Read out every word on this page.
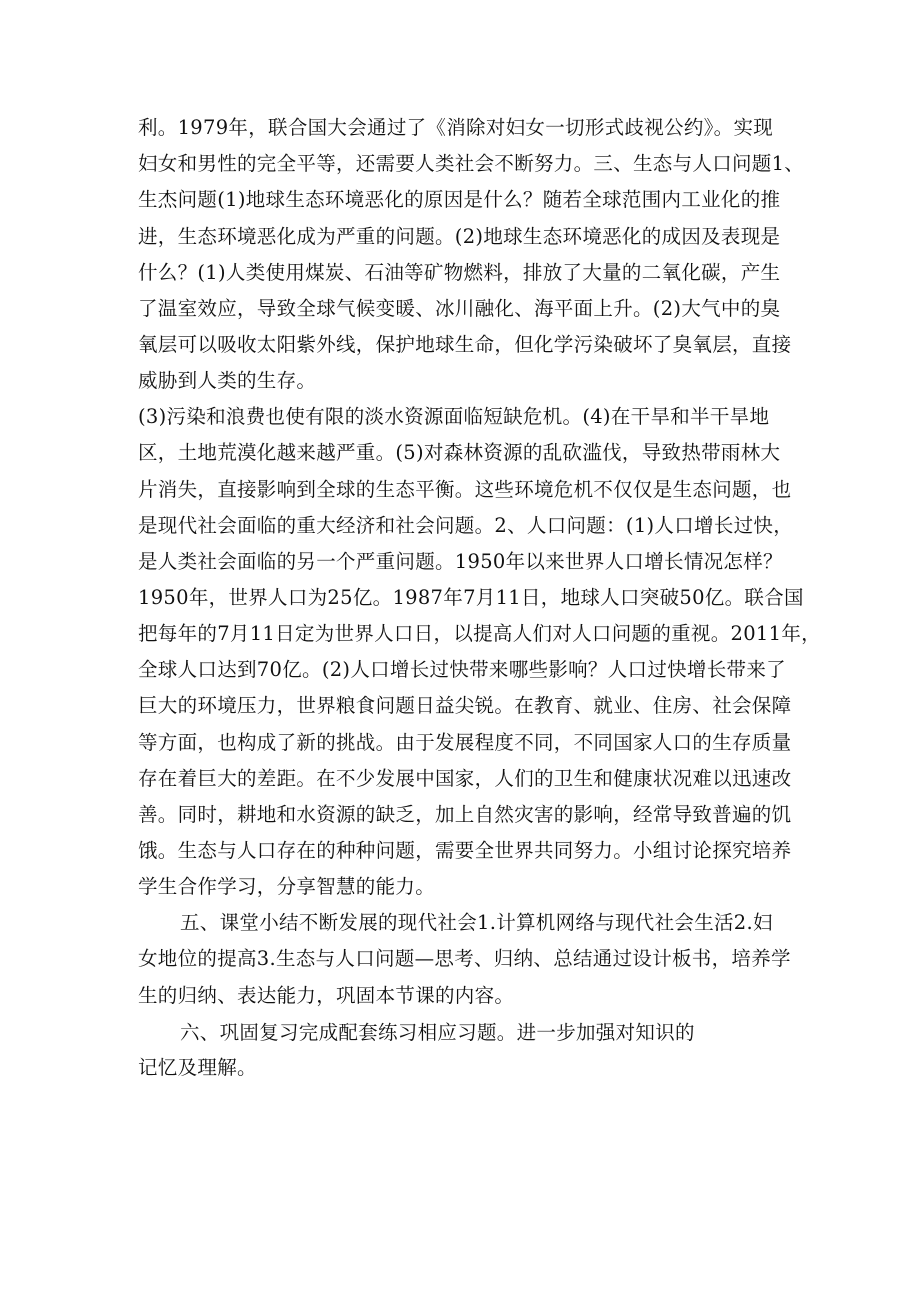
利。1979年，联合国大会通过了《消除对妇女一切形式歧视公约》。实现
妇女和男性的完全平等，还需要人类社会不断努力。三、生态与人口问题1、
生杰问题(1)地球生态环境恶化的原因是什么？随若全球范围内工业化的推
进，生态环境恶化成为严重的问题。(2)地球生态环境恶化的成因及表现是
什么？(1)人类使用煤炭、石油等矿物燃料，排放了大量的二氧化碳，产生
了温室效应，导致全球气候变暖、冰川融化、海平面上升。(2)大气中的臭
氧层可以吸收太阳紫外线，保护地球生命，但化学污染破坏了臭氧层，直接
威胁到人类的生存。
(3)污染和浪费也使有限的淡水资源面临短缺危机。(4)在干旱和半干旱地
区，土地荒漠化越来越严重。(5)对森林资源的乱砍滥伐，导致热带雨林大
片消失，直接影响到全球的生态平衡。这些环境危机不仅仅是生态问题，也
是现代社会面临的重大经济和社会问题。2、人口问题：(1)人口增长过快，
是人类社会面临的另一个严重问题。1950年以来世界人口增长情况怎样？
1950年，世界人口为25亿。1987年7月11日，地球人口突破50亿。联合国
把每年的7月11日定为世界人口日，以提高人们对人口问题的重视。2011年，
全球人口达到70亿。(2)人口增长过快带来哪些影响？人口过快增长带来了
巨大的环境压力，世界粮食问题日益尖锐。在教育、就业、住房、社会保障
等方面，也构成了新的挑战。由于发展程度不同，不同国家人口的生存质量
存在着巨大的差距。在不少发展中国家，人们的卫生和健康状况难以迅速改
善。同时，耕地和水资源的缺乏，加上自然灾害的影响，经常导致普遍的饥
饿。生态与人口存在的种种问题，需要全世界共同努力。小组讨论探究培养
学生合作学习，分享智慧的能力。
五、课堂小结不断发展的现代社会1.计算机网络与现代社会生活2.妇
女地位的提高3.生态与人口问题—思考、归纳、总结通过设计板书，培养学
生的归纳、表达能力，巩固本节课的内容。
六、巩固复习完成配套练习相应习题。进一步加强对知识的
记忆及理解。
